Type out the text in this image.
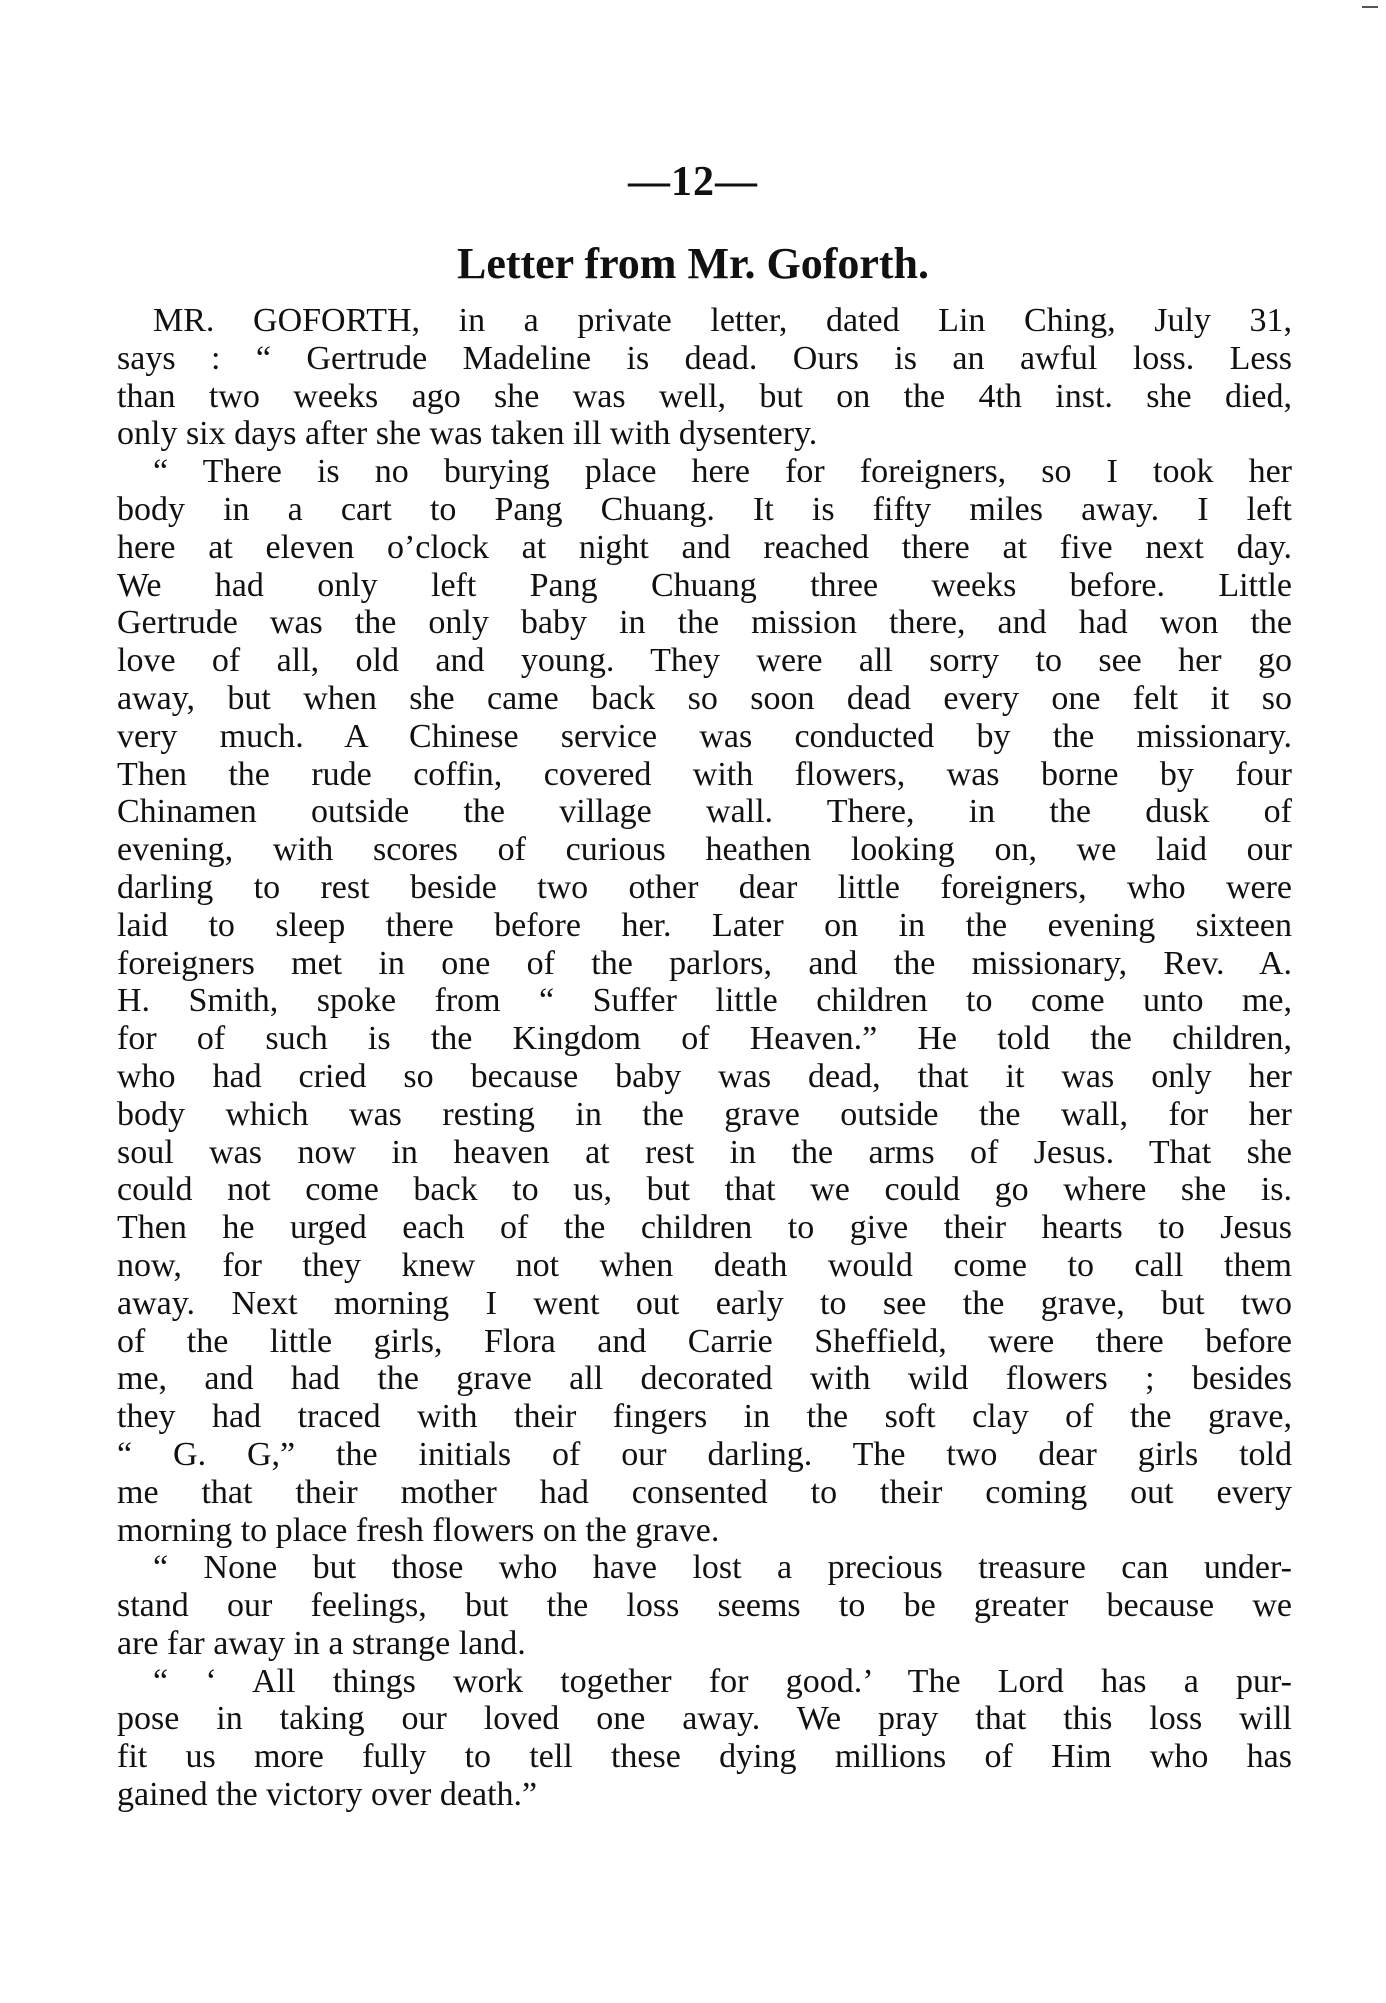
—12—
Letter from Mr. Goforth.
MR. GOFORTH, in a private letter, dated Lin Ching, July 31,
says : “ Gertrude Madeline is dead. Ours is an awful loss. Less
than two weeks ago she was well, but on the 4th inst. she died,
only six days after she was taken ill with dysentery.
“ There is no burying place here for foreigners, so I took her
body in a cart to Pang Chuang. It is fifty miles away. I left
here at eleven o’clock at night and reached there at five next day.
We had only left Pang Chuang three weeks before. Little
Gertrude was the only baby in the mission there, and had won the
love of all, old and young. They were all sorry to see her go
away, but when she came back so soon dead every one felt it so
very much. A Chinese service was conducted by the missionary.
Then the rude coffin, covered with flowers, was borne by four
Chinamen outside the village wall. There, in the dusk of
evening, with scores of curious heathen looking on, we laid our
darling to rest beside two other dear little foreigners, who were
laid to sleep there before her. Later on in the evening sixteen
foreigners met in one of the parlors, and the missionary, Rev. A.
H. Smith, spoke from “ Suffer little children to come unto me,
for of such is the Kingdom of Heaven.” He told the children,
who had cried so because baby was dead, that it was only her
body which was resting in the grave outside the wall, for her
soul was now in heaven at rest in the arms of Jesus. That she
could not come back to us, but that we could go where she is.
Then he urged each of the children to give their hearts to Jesus
now, for they knew not when death would come to call them
away. Next morning I went out early to see the grave, but two
of the little girls, Flora and Carrie Sheffield, were there before
me, and had the grave all decorated with wild flowers ; besides
they had traced with their fingers in the soft clay of the grave,
“ G. G,” the initials of our darling. The two dear girls told
me that their mother had consented to their coming out every
morning to place fresh flowers on the grave.
“ None but those who have lost a precious treasure can under-
stand our feelings, but the loss seems to be greater because we
are far away in a strange land.
“ ‘ All things work together for good.’ The Lord has a pur-
pose in taking our loved one away. We pray that this loss will
fit us more fully to tell these dying millions of Him who has
gained the victory over death.”
